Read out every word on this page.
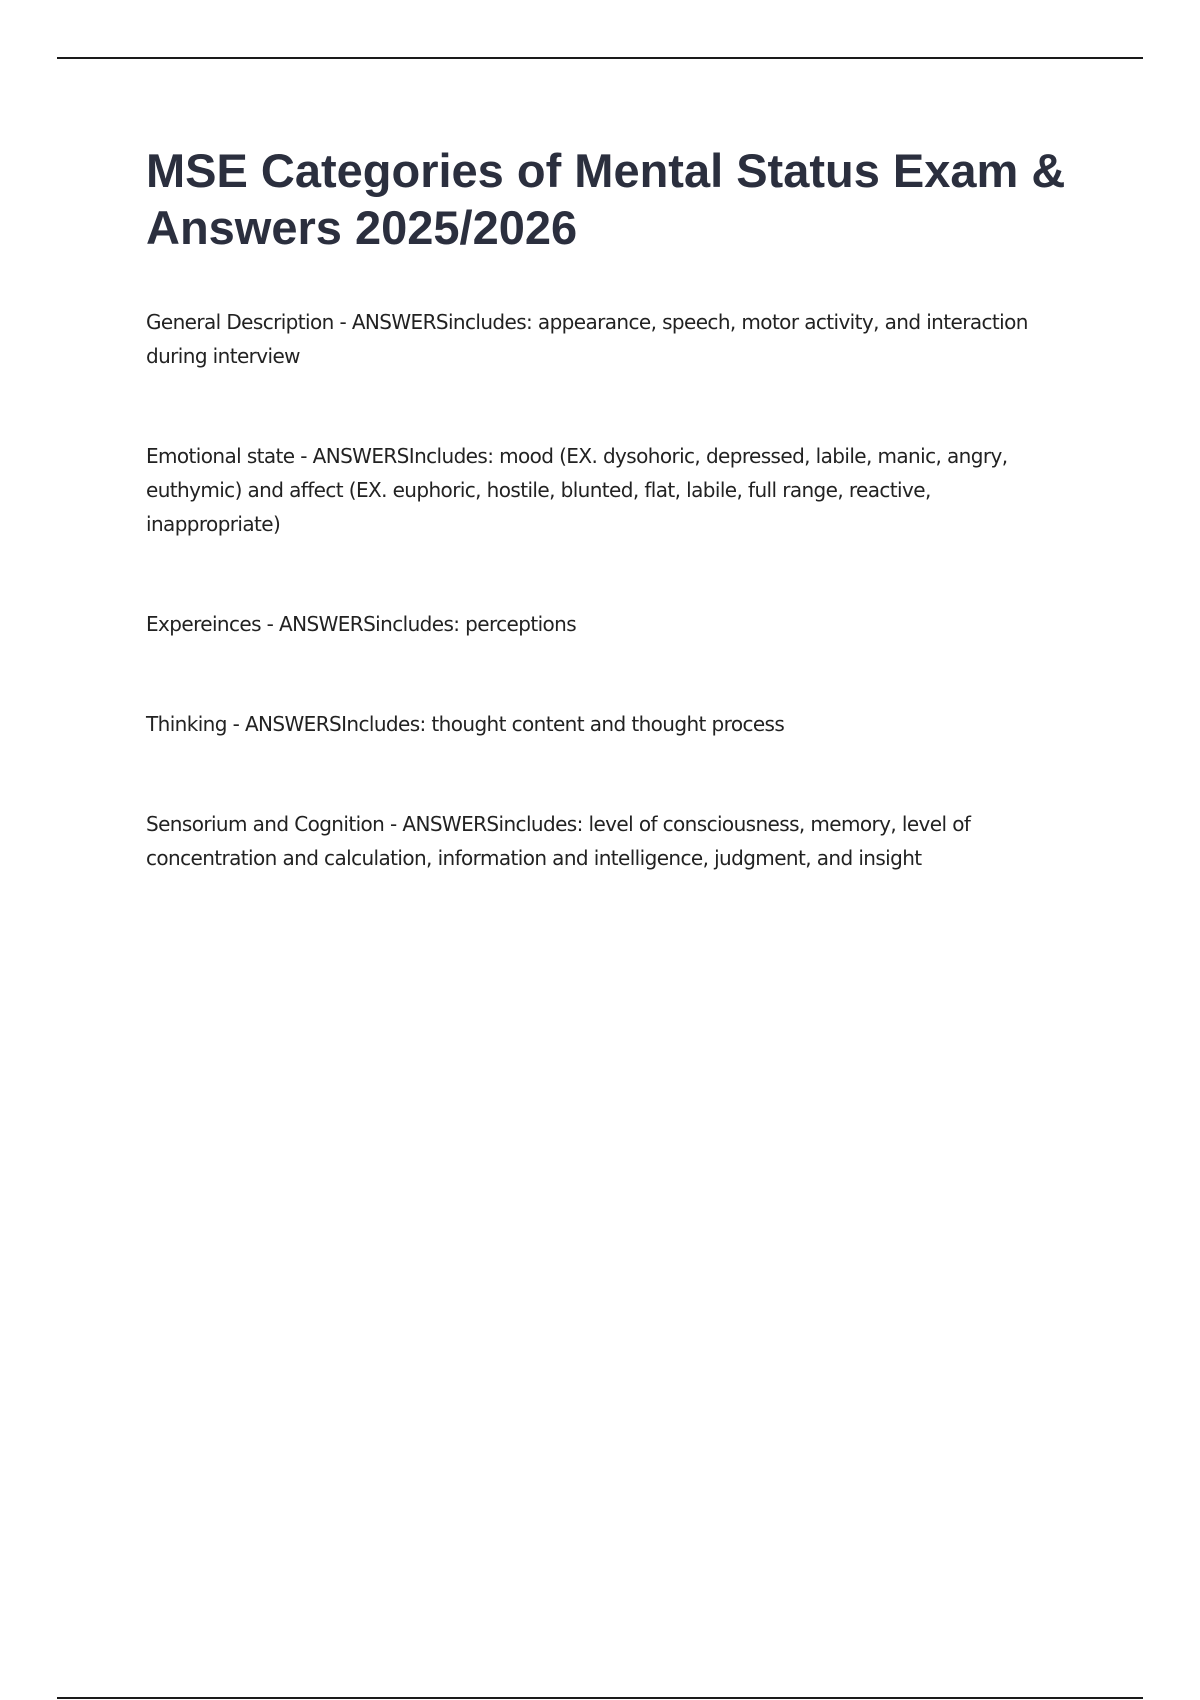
MSE Categories of Mental Status Exam & Answers 2025/2026

General Description - ANSWERSincludes: appearance, speech, motor activity, and interaction during interview

Emotional state - ANSWERSIncludes: mood (EX. dysohoric, depressed, labile, manic, angry, euthymic) and affect (EX. euphoric, hostile, blunted, flat, labile, full range, reactive, inappropriate)

Expereinces - ANSWERSincludes: perceptions

Thinking - ANSWERSIncludes: thought content and thought process

Sensorium and Cognition - ANSWERSincludes: level of consciousness, memory, level of concentration and calculation, information and intelligence, judgment, and insight
